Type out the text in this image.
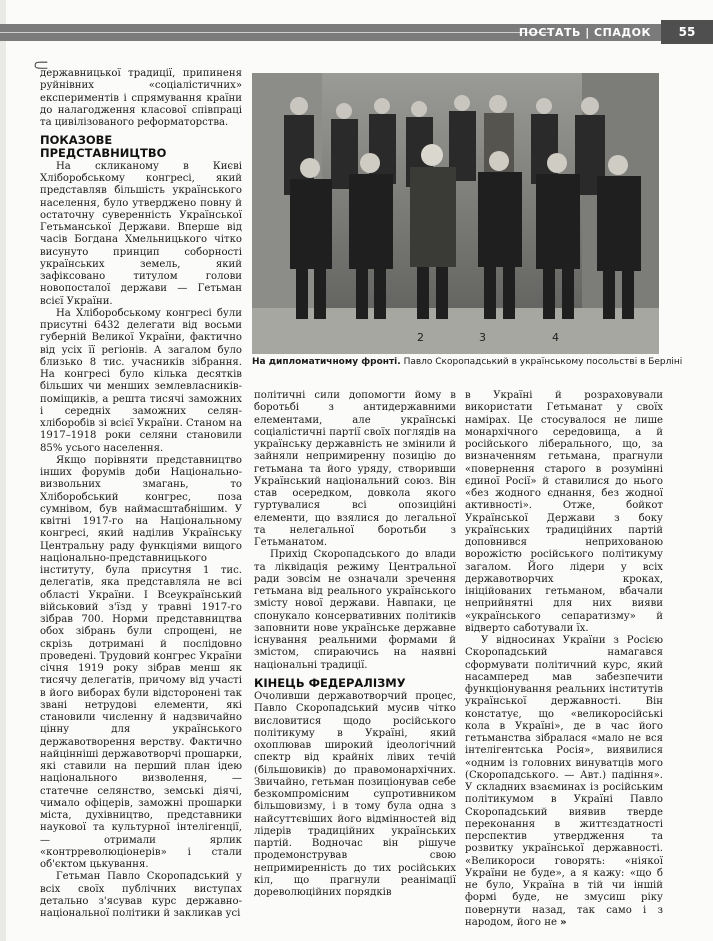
ПОСТАТЬ | СПАДОК	55
⸦

державницької традиції, припиненя руйнівних «соціалістичних» експериментів і спрямування країни до налагодження класової співпраці та цивілізованого реформаторства.

ПОКАЗОВЕ ПРЕДСТАВНИЦТВО

На скликаному в Києві Хліборобському конгресі, який представляв більшість українського населення, було утверджено повну й остаточну суверенність Української Гетьманської Держави. Вперше від часів Богдана Хмельницького чітко висунуто принцип соборності українських земель, який зафіксовано титулом голови новопосталої держави — Гетьман всієї України.

На Хліборобському конгресі були присутні 6432 делегати від восьми губерній Великої України, фактично від усіх її регіонів. А загалом було близько 8 тис. учасників зібрання. На конгресі було кілька десятків більших чи менших землевласників-поміщиків, а решта тисячі заможних і середніх заможних селян-хліборобів зі всієї України. Станом на 1917–1918 роки селяни становили 85% усього населення.

Якщо порівняти представництво інших форумів доби Національно-визвольних змагань, то Хліборобський конгрес, поза сумнівом, був наймасштабнішим. У квітні 1917-го на Національному конгресі, який наділив Українську Центральну раду функціями вищого національно-представницького інституту, була присутня 1 тис. делегатів, яка представляла не всі області України. І Всеукраїнський військовий з'їзд у травні 1917-го зібрав 700. Норми представництва обох зібрань були спрощені, не скрізь дотримані й послідовно проведені. Трудовий конгрес України січня 1919 року зібрав менш як тисячу делегатів, причому від участі в його виборах були відсторонені так звані нетрудові елементи, які становили численну й надзвичайно цінну для українського державотворення верству. Фактично найцінніші державотворчі прошарки, які ставили на перший план ідею національного визволення, — статечне селянство, земські діячі, чимало офіцерів, заможні прошарки міста, духівництво, представники наукової та культурної інтелігенції, — отримали ярлик «контрреволюціонерів» і стали об'єктом цькування.

Гетьман Павло Скоропадський у всіх своїх публічних виступах детально з'ясував курс державно-національної політики й закликав усі

2	3	4
На дипломатичному фронті. Павло Скоропадський в українському посольстві в Берліні

політичні сили допомогти йому в боротьбі з антидержавними елементами, але українські соціалістичні партії своїх поглядів на українську державність не змінили й зайняли непримиренну позицію до гетьмана та його уряду, створивши Український національний союз. Він став осередком, довкола якого гуртувалися всі опозиційні елементи, що взялися до легальної та нелегальної боротьби з Гетьманатом.

Прихід Скоропадського до влади та ліквідація режиму Центральної ради зовсім не означали зречення гетьмана від реального українського змісту нової держави. Навпаки, це спонукало консервативних політиків заповнити нове українське державне існування реальними формами й змістом, спираючись на наявні національні традиції.

КІНЕЦЬ ФЕДЕРАЛІЗМУ

Очоливши державотворчий процес, Павло Скоропадський мусив чітко висловитися щодо російського політикуму в Україні, який охоплював широкий ідеологічний спектр від крайніх лівих течій (більшовиків) до правомонархічних. Звичайно, гетьман позиціонував себе безкомпромісним супротивником більшовизму, і в тому була одна з найсуттєвіших його відмінностей від лідерів традиційних українських партій. Водночас він рішуче продемонстрував свою непримиренність до тих російських кіл, що прагнули реанімації дореволюційних порядків

в Україні й розраховували використати Гетьманат у своїх намірах. Це стосувалося не лише монархічного середовища, а й російського ліберального, що, за визначенням гетьмана, прагнули «повернення старого в розумінні єдиної Росії» й ставилися до нього «без жодного єднання, без жодної активності». Отже, бойкот Української Держави з боку українських традиційних партій доповнився неприхованою ворожістю російського політикуму загалом. Його лідери у всіх державотворчих кроках, ініційованих гетьманом, вбачали неприйнятні для них вияви «українського сепаратизму» й відверто саботували їх.

У відносинах України з Росією Скоропадський намагався сформувати політичний курс, який насамперед мав забезпечити функціонування реальних інститутів української державності. Він констатує, що «великоросійські кола в Україні», де в час його гетьманства зібралася «мало не вся інтелігентська Росія», виявилися «одним із головних винуватців мого (Скоропадського. — Авт.) падіння». У складних взаєминах із російським політикумом в Україні Павло Скоропадський виявив тверде переконання в життєздатності перспектив утвердження та розвитку української державності. «Великороси говорять: «ніякої України не буде», а я кажу: «що б не було, Україна в тій чи іншій формі буде, не змусиш ріку повернути назад, так само і з народом, його не »
